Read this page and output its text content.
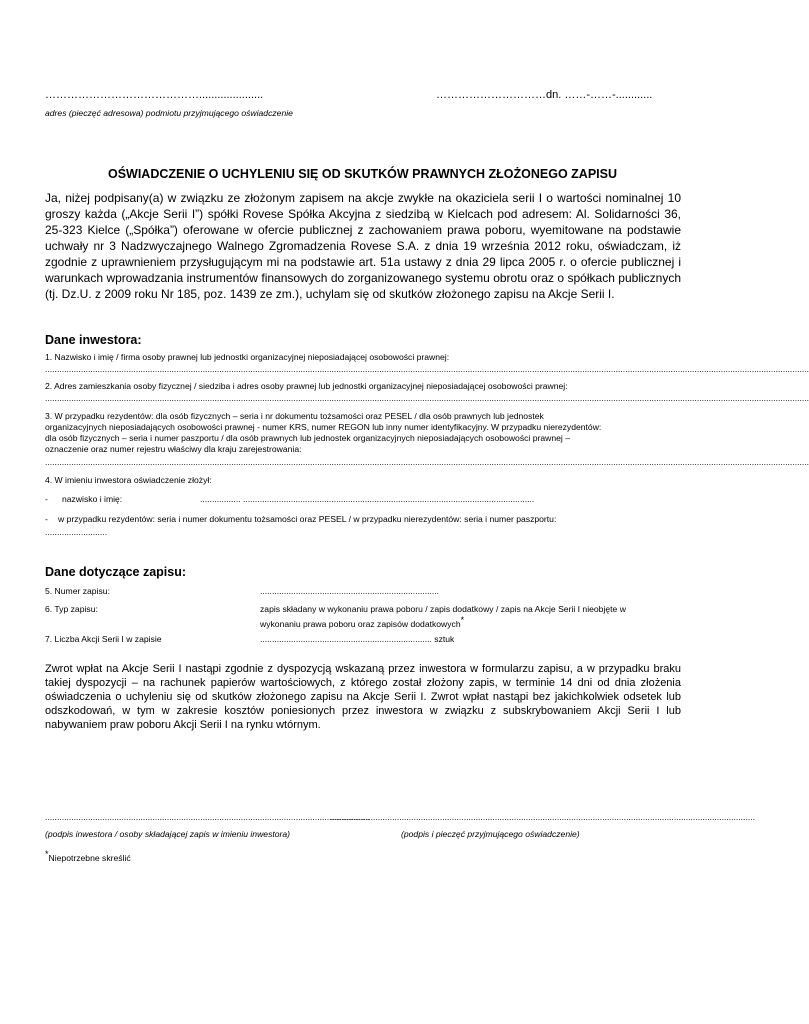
…………………………………….....................	…………………………dn. ……-……-............
adres (pieczęć adresowa) podmiotu przyjmującego oświadczenie
OŚWIADCZENIE O UCHYLENIU SIĘ OD SKUTKÓW PRAWNYCH ZŁOŻONEGO ZAPISU
Ja, niżej podpisany(a) w związku ze złożonym zapisem na akcje zwykłe na okaziciela serii I o wartości nominalnej 10 groszy każda („Akcje Serii I”) spółki Rovese Spółka Akcyjna z siedzibą w Kielcach pod adresem: Al. Solidarności 36, 25-323 Kielce („Spółka”) oferowane w ofercie publicznej z zachowaniem prawa poboru, wyemitowane na podstawie uchwały nr 3 Nadzwyczajnego Walnego Zgromadzenia Rovese S.A. z dnia 19 września 2012 roku, oświadczam, iż zgodnie z uprawnieniem przysługującym mi na podstawie art. 51a ustawy z dnia 29 lipca 2005 r. o ofercie publicznej i warunkach wprowadzania instrumentów finansowych do zorganizowanego systemu obrotu oraz o spółkach publicznych (tj. Dz.U. z 2009 roku Nr 185, poz. 1439 ze zm.), uchylam się od skutków złożonego zapisu na Akcje Serii I.
Dane inwestora:
1. Nazwisko i imię / firma osoby prawnej lub jednostki organizacyjnej nieposiadającej osobowości prawnej:
................................................................................................................................................................................................................................................................................................................................
2. Adres zamieszkania osoby fizycznej / siedziba i adres osoby prawnej lub jednostki organizacyjnej nieposiadającej osobowości prawnej:
................................................................................................................................................................................................................................................................................................................................
3. W przypadku rezydentów: dla osób fizycznych – seria i nr dokumentu tożsamości oraz PESEL / dla osób prawnych lub jednostek
organizacyjnych nieposiadających osobowości prawnej - numer KRS, numer REGON lub inny numer identyfikacyjny. W przypadku nierezydentów:
dla osób fizycznych – seria i numer paszportu / dla osób prawnych lub jednostek organizacyjnych nieposiadających osobowości prawnej –
oznaczenie oraz numer rejestru właściwy dla kraju zarejestrowania:
................................................................................................................................................................................................................................................................................................................................
4. W imieniu inwestora oświadczenie złożył:
- nazwisko i imię:	................. ..........................................................................................................................
- w przypadku rezydentów: seria i numer dokumentu tożsamości oraz PESEL / w przypadku nierezydentów: seria i numer paszportu:
..........................
Dane dotyczące zapisu:
5. Numer zapisu:	...........................................................................
6. Typ zapisu:	zapis składany w wykonaniu prawa poboru / zapis dodatkowy / zapis na Akcje Serii I nieobjęte w
wykonaniu prawa poboru oraz zapisów dodatkowych*
7. Liczba Akcji Serii I w zapisie	........................................................................ sztuk
Zwrot wpłat na Akcje Serii I nastąpi zgodnie z dyspozycją wskazaną przez inwestora w formularzu zapisu, a w przypadku braku takiej dyspozycji – na rachunek papierów wartościowych, z którego został złożony zapis, w terminie 14 dni od dnia złożenia oświadczenia o uchyleniu się od skutków złożonego zapisu na Akcje Serii I. Zwrot wpłat nastąpi bez jakichkolwiek odsetek lub odszkodowań, w tym w zakresie kosztów poniesionych przez inwestora w związku z subskrybowaniem Akcji Serii I lub nabywaniem praw poboru Akcji Serii I na rynku wtórnym.
........................................................................................................................................
..................................................................................................................................................................................
(podpis inwestora / osoby składającej zapis w imieniu inwestora)	(podpis i pieczęć przyjmującego oświadczenie)
*Niepotrzebne skreślić
